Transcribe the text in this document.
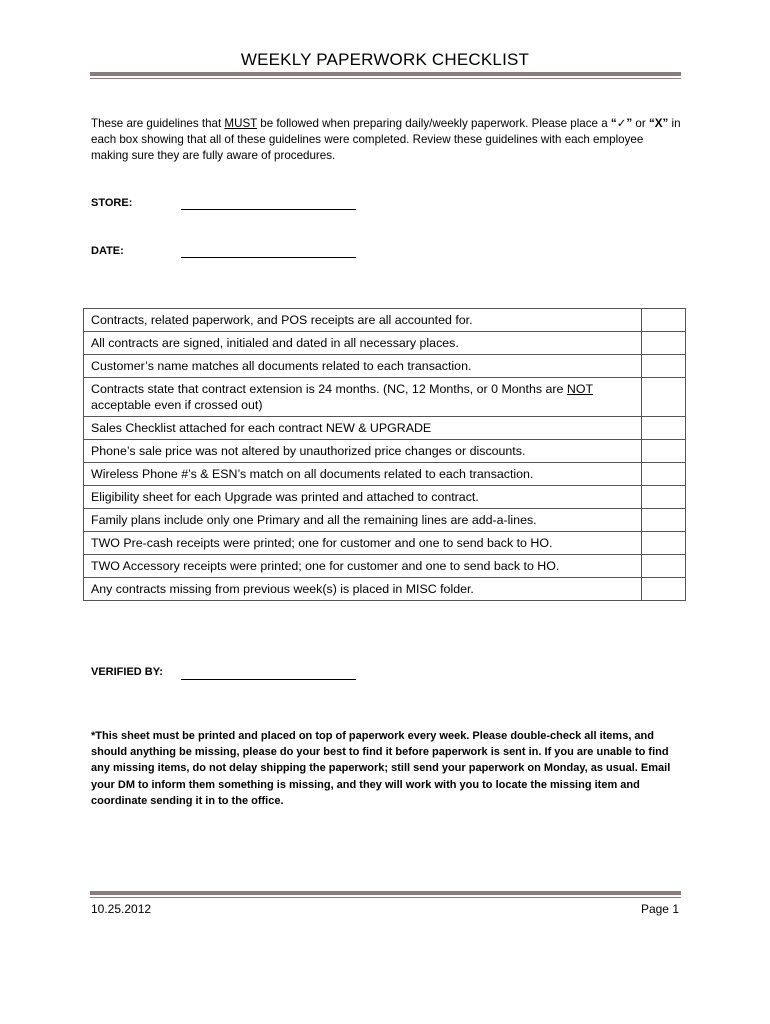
WEEKLY PAPERWORK CHECKLIST
These are guidelines that MUST be followed when preparing daily/weekly paperwork. Please place a “✓” or “X” in each box showing that all of these guidelines were completed. Review these guidelines with each employee making sure they are fully aware of procedures.
STORE:
DATE:
Contracts, related paperwork, and POS receipts are all accounted for.	
All contracts are signed, initialed and dated in all necessary places.	
Customer’s name matches all documents related to each transaction.	
Contracts state that contract extension is 24 months. (NC, 12 Months, or 0 Months are NOT
acceptable even if crossed out)	
Sales Checklist attached for each contract NEW & UPGRADE	
Phone’s sale price was not altered by unauthorized price changes or discounts.	
Wireless Phone #’s & ESN’s match on all documents related to each transaction.	
Eligibility sheet for each Upgrade was printed and attached to contract.	
Family plans include only one Primary and all the remaining lines are add-a-lines.	
TWO Pre-cash receipts were printed; one for customer and one to send back to HO.	
TWO Accessory receipts were printed; one for customer and one to send back to HO.	
Any contracts missing from previous week(s) is placed in MISC folder.	
VERIFIED BY:
*This sheet must be printed and placed on top of paperwork every week. Please double-check all items, and should anything be missing, please do your best to find it before paperwork is sent in. If you are unable to find any missing items, do not delay shipping the paperwork; still send your paperwork on Monday, as usual. Email your DM to inform them something is missing, and they will work with you to locate the missing item and coordinate sending it in to the office.
10.25.2012	Page 1
